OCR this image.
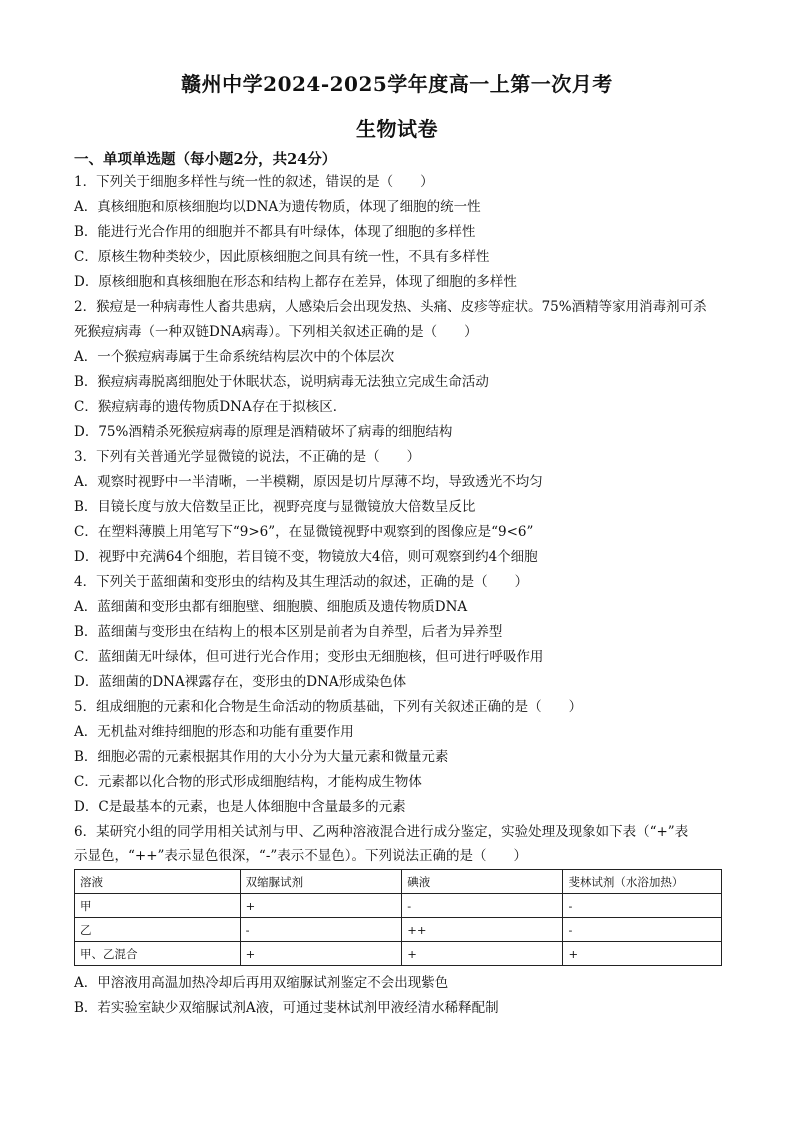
赣州中学2024-2025学年度高一上第一次月考
生物试卷
一、单项单选题（每小题2分，共24分）
1．下列关于细胞多样性与统一性的叙述，错误的是（　　）
A．真核细胞和原核细胞均以DNA为遗传物质，体现了细胞的统一性
B．能进行光合作用的细胞并不都具有叶绿体，体现了细胞的多样性
C．原核生物种类较少，因此原核细胞之间具有统一性，不具有多样性
D．原核细胞和真核细胞在形态和结构上都存在差异，体现了细胞的多样性
2．猴痘是一种病毒性人畜共患病，人感染后会出现发热、头痛、皮疹等症状。75%酒精等家用消毒剂可杀
死猴痘病毒（一种双链DNA病毒）。下列相关叙述正确的是（　　）
A．一个猴痘病毒属于生命系统结构层次中的个体层次
B．猴痘病毒脱离细胞处于休眠状态，说明病毒无法独立完成生命活动
C．猴痘病毒的遗传物质DNA存在于拟核区．
D．75%酒精杀死猴痘病毒的原理是酒精破坏了病毒的细胞结构
3．下列有关普通光学显微镜的说法，不正确的是（　　）
A．观察时视野中一半清晰，一半模糊，原因是切片厚薄不均，导致透光不均匀
B．目镜长度与放大倍数呈正比，视野亮度与显微镜放大倍数呈反比
C．在塑料薄膜上用笔写下“9>6”，在显微镜视野中观察到的图像应是“9<6”
D．视野中充满64个细胞，若目镜不变，物镜放大4倍，则可观察到约4个细胞
4．下列关于蓝细菌和变形虫的结构及其生理活动的叙述，正确的是（　　）
A．蓝细菌和变形虫都有细胞壁、细胞膜、细胞质及遗传物质DNA
B．蓝细菌与变形虫在结构上的根本区别是前者为自养型，后者为异养型
C．蓝细菌无叶绿体，但可进行光合作用；变形虫无细胞核，但可进行呼吸作用
D．蓝细菌的DNA裸露存在，变形虫的DNA形成染色体
5．组成细胞的元素和化合物是生命活动的物质基础，下列有关叙述正确的是（　　）
A．无机盐对维持细胞的形态和功能有重要作用
B．细胞必需的元素根据其作用的大小分为大量元素和微量元素
C．元素都以化合物的形式形成细胞结构，才能构成生物体
D．C是最基本的元素，也是人体细胞中含量最多的元素
6．某研究小组的同学用相关试剂与甲、乙两种溶液混合进行成分鉴定，实验处理及现象如下表（“+”表
示显色，“++”表示显色很深，“-”表示不显色）。下列说法正确的是（　　）
溶液	双缩脲试剂	碘液	斐林试剂（水浴加热）
甲	+	-	-
乙	-	++	-
甲、乙混合	+	+	+
A．甲溶液用高温加热冷却后再用双缩脲试剂鉴定不会出现紫色
B．若实验室缺少双缩脲试剂A液，可通过斐林试剂甲液经清水稀释配制
